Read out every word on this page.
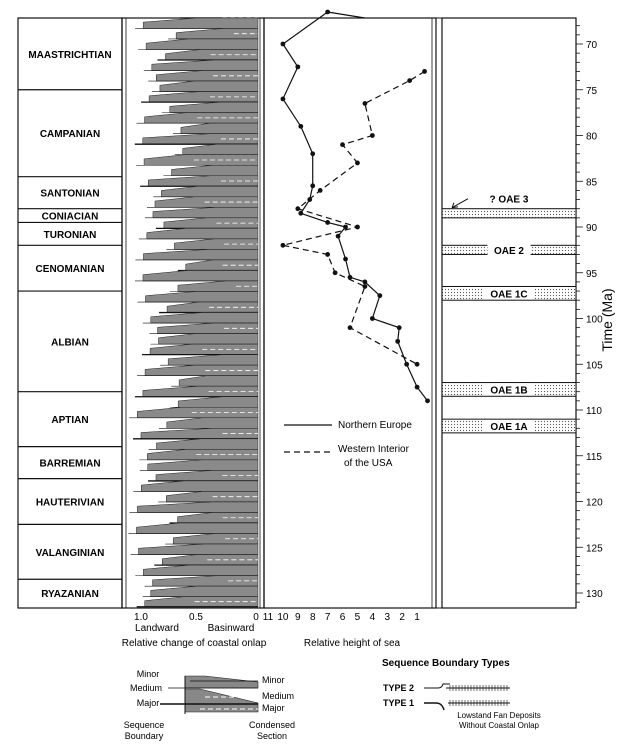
MAASTRICHTIAN
CAMPANIAN
SANTONIAN
CONIACIAN
TURONIAN
CENOMANIAN
ALBIAN
APTIAN
BARREMIAN
HAUTERIVIAN
VALANGINIAN
RYAZANIAN
? OAE 3
OAE 2
OAE 1C
OAE 1B
OAE 1A
70
75
80
85
90
95
100
105
110
115
120
125
130
1.0	0.5	0
Landward	Basinward
Relative change of coastal onlap
11 10 9 8 7 6 5 4 3 2 1
Relative height of sea
Time (Ma)
Northern Europe
Western Interior
of the USA
Minor
Medium
Major
Minor
Medium
Major
Sequence
Boundary
Condensed
Section
Sequence Boundary Types
TYPE 2
TYPE 1
Lowstand Fan Deposits
Without Coastal Onlap
